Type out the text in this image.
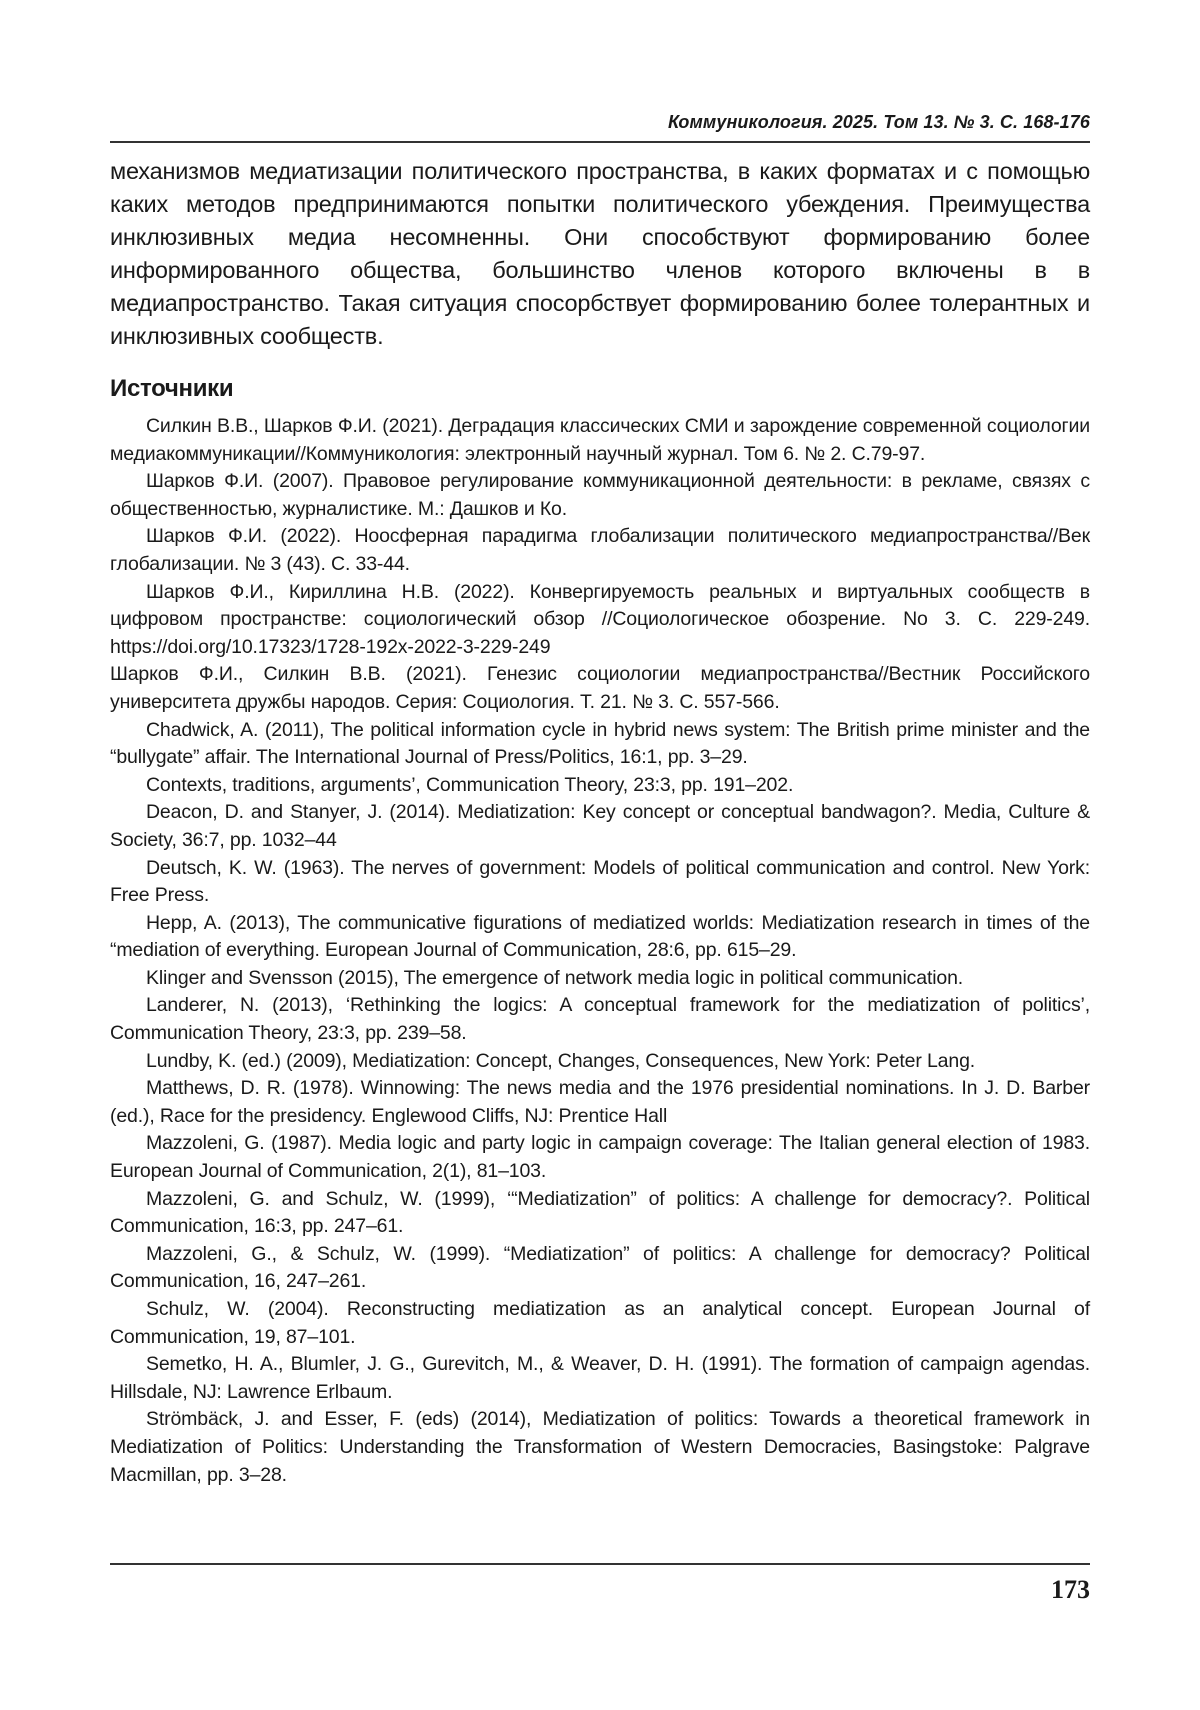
Коммуникология. 2025. Том 13. № 3. С. 168-176

механизмов медиатизации политического пространства, в каких форматах и с помощью каких методов предпринимаются попытки политического убеждения. Преимущества инклюзивных медиа несомненны. Они способствуют формированию более информированного общества, большинство членов которого включены в в медиапространство. Такая ситуация спосорбствует формированию более толерантных и инклюзивных сообществ.

Источники

Силкин В.В., Шарков Ф.И. (2021). Деградация классических СМИ и зарождение современной социологии медиакоммуникации//Коммуникология: электронный научный журнал. Том 6. № 2. С.79-97.

Шарков Ф.И. (2007). Правовое регулирование коммуникационной деятельности: в рекламе, связях с общественностью, журналистике. М.: Дашков и Ко.

Шарков Ф.И. (2022). Ноосферная парадигма глобализации политического медиапространства//Век глобализации. № 3 (43). С. 33-44.

Шарков Ф.И., Кириллина Н.В. (2022). Конвергируемость реальных и виртуальных сообществ в цифровом пространстве: социологический обзор //Социологическое обозрение. No 3. С. 229-249. https://doi.org/10.17323/1728-192x-2022-3-229-249

Шарков Ф.И., Силкин В.В. (2021). Генезис социологии медиапространства//Вестник Российского университета дружбы народов. Серия: Социология. Т. 21. № 3. С. 557-566.

Chadwick, A. (2011), The political information cycle in hybrid news system: The British prime minister and the “bullygate” affair. The International Journal of Press/Politics, 16:1, pp. 3–29.

Contexts, traditions, arguments’, Communication Theory, 23:3, pp. 191–202.

Deacon, D. and Stanyer, J. (2014). Mediatization: Key concept or conceptual bandwagon?. Media, Culture & Society, 36:7, pp. 1032–44

Deutsch, K. W. (1963). The nerves of government: Models of political communication and control. New York: Free Press.

Hepp, A. (2013), The communicative figurations of mediatized worlds: Mediatization research in times of the “mediation of everything. European Journal of Communication, 28:6, pp. 615–29.

Klinger and Svensson (2015), The emergence of network media logic in political communication.

Landerer, N. (2013), ‘Rethinking the logics: A conceptual framework for the mediatization of politics’, Communication Theory, 23:3, pp. 239–58.

Lundby, K. (ed.) (2009), Mediatization: Concept, Changes, Consequences, New York: Peter Lang.

Matthews, D. R. (1978). Winnowing: The news media and the 1976 presidential nominations. In J. D. Barber (ed.), Race for the presidency. Englewood Cliffs, NJ: Prentice Hall

Mazzoleni, G. (1987). Media logic and party logic in campaign coverage: The Italian general election of 1983. European Journal of Communication, 2(1), 81–103.

Mazzoleni, G. and Schulz, W. (1999), ‘“Mediatization” of politics: A challenge for democracy?. Political Communication, 16:3, pp. 247–61.

Mazzoleni, G., & Schulz, W. (1999). “Mediatization” of politics: A challenge for democracy? Political Communication, 16, 247–261.

Schulz, W. (2004). Reconstructing mediatization as an analytical concept. European Journal of Communication, 19, 87–101.

Semetko, H. A., Blumler, J. G., Gurevitch, M., & Weaver, D. H. (1991). The formation of campaign agendas. Hillsdale, NJ: Lawrence Erlbaum.

Strömbäck, J. and Esser, F. (eds) (2014), Mediatization of politics: Towards a theoretical framework in Mediatization of Politics: Understanding the Transformation of Western Democracies, Basingstoke: Palgrave Macmillan, pp. 3–28.

173
